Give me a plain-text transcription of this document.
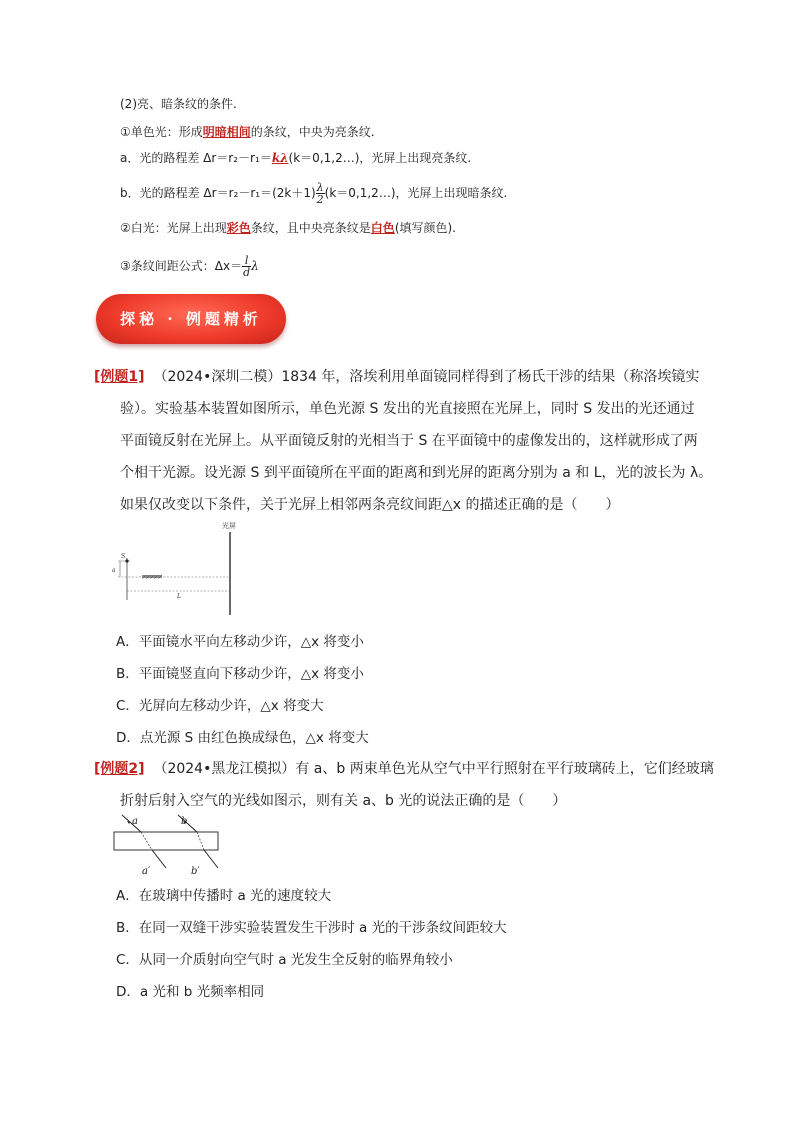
(2)亮、暗条纹的条件.
①单色光：形成明暗相间的条纹，中央为亮条纹.
a．光的路程差 Δr＝r₂－r₁＝kλ(k＝0,1,2…)，光屏上出现亮条纹.
b．光的路程差 $\Delta r=r_2-r_1=(2k+1) \frac{\lambda}{2}$ (k＝0,1,2…)，光屏上出现暗条纹.
②白光：光屏上出现彩色条纹，且中央亮条纹是白色(填写颜色).
③条纹间距公式：$\Delta x= \frac{l}{d}$ λ
探秘 · 例题精析
[例题1] （2024•深圳二模）1834 年，洛埃利用单面镜同样得到了杨氏干涉的结果（称洛埃镜实
验）。实验基本装置如图所示，单色光源 S 发出的光直接照在光屏上，同时 S 发出的光还通过
平面镜反射在光屏上。从平面镜反射的光相当于 S 在平面镜中的虚像发出的，这样就形成了两
个相干光源。设光源 S 到平面镜所在平面的距离和到光屏的距离分别为 a 和 L，光的波长为 λ。
如果仅改变以下条件，关于光屏上相邻两条亮纹间距△x 的描述正确的是（　　）
光屏
S
a
L
A．平面镜水平向左移动少许，△x 将变小
B．平面镜竖直向下移动少许，△x 将变小
C．光屏向左移动少许，△x 将变大
D．点光源 S 由红色换成绿色，△x 将变大
[例题2] （2024•黑龙江模拟）有 a、b 两束单色光从空气中平行照射在平行玻璃砖上，它们经玻璃
折射后射入空气的光线如图示，则有关 a、b 光的说法正确的是（　　）
a	b
a′	b′
A．在玻璃中传播时 a 光的速度较大
B．在同一双缝干涉实验装置发生干涉时 a 光的干涉条纹间距较大
C．从同一介质射向空气时 a 光发生全反射的临界角较小
D．a 光和 b 光频率相同
